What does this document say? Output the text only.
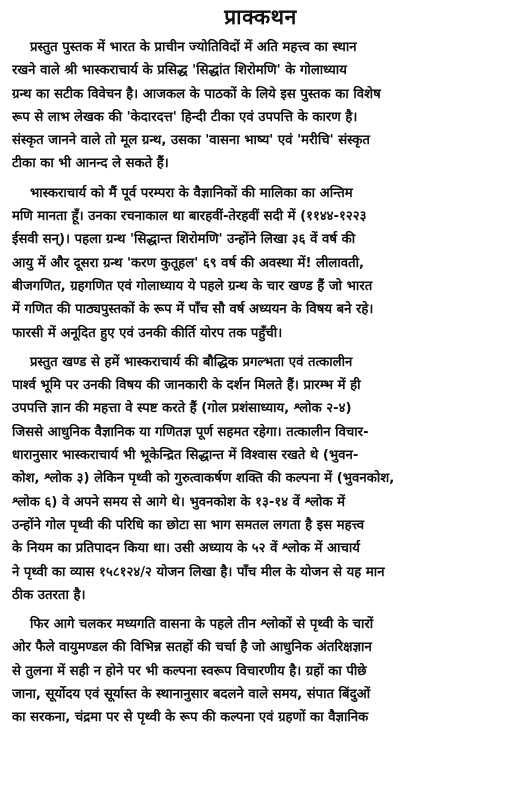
प्राक्कथन
प्रस्तुत पुस्तक में भारत के प्राचीन ज्योतिविदों में अति महत्त्व का स्थान
रखने वाले श्री भास्कराचार्य के प्रसिद्ध 'सिद्धांत शिरोमणि' के गोलाध्याय
ग्रन्थ का सटीक विवेचन है। आजकल के पाठकों के लिये इस पुस्तक का विशेष
रूप से लाभ लेखक की 'केदारदत्त' हिन्दी टीका एवं उपपत्ति के कारण है।
संस्कृत जानने वाले तो मूल ग्रन्थ, उसका 'वासना भाष्य' एवं 'मरीचि' संस्कृत
टीका का भी आनन्द ले सकते हैं।
भास्कराचार्य को मैं पूर्व परम्परा के वैज्ञानिकों की मालिका का अन्तिम
मणि मानता हूँ। उनका रचनाकाल था बारहवीं-तेरहवीं सदी में (११४४-१२२३
ईसवी सन्)। पहला ग्रन्थ 'सिद्धान्त शिरोमणि' उन्होंने लिखा ३६ वें वर्ष की
आयु में और दूसरा ग्रन्थ 'करण कुतूहल' ६९ वर्ष की अवस्था में! लीलावती,
बीजगणित, ग्रहगणित एवं गोलाध्याय ये पहले ग्रन्थ के चार खण्ड हैं जो भारत
में गणित की पाठ्यपुस्तकों के रूप में पाँच सौ वर्ष अध्ययन के विषय बने रहे।
फारसी में अनूदित हुए एवं उनकी कीर्ति योरप तक पहुँची।
प्रस्तुत खण्ड से हमें भास्कराचार्य की बौद्धिक प्रगल्भता एवं तत्कालीन
पार्श्व भूमि पर उनकी विषय की जानकारी के दर्शन मिलते हैं। प्रारम्भ में ही
उपपत्ति ज्ञान की महत्ता वे स्पष्ट करते हैं (गोल प्रशंसाध्याय, श्लोक २-४)
जिससे आधुनिक वैज्ञानिक या गणितज्ञ पूर्ण सहमत रहेगा। तत्कालीन विचार-
धारानुसार भास्कराचार्य भी भूकेन्द्रित सिद्धान्त में विश्वास रखते थे (भुवन-
कोश, श्लोक ३) लेकिन पृथ्वी को गुरुत्वाकर्षण शक्ति की कल्पना में (भुवनकोश,
श्लोक ६) वे अपने समय से आगे थे। भुवनकोश के १३-१४ वें श्लोक में
उन्होंने गोल पृथ्वी की परिधि का छोटा सा भाग समतल लगता है इस महत्त्व
के नियम का प्रतिपादन किया था। उसी अध्याय के ५२ वें श्लोक में आचार्य
ने पृथ्वी का व्यास १५८१२४/२ योजन लिखा है। पाँच मील के योजन से यह मान
ठीक उतरता है।
फिर आगे चलकर मध्यगति वासना के पहले तीन श्लोकों से पृथ्वी के चारों
ओर फैले वायुमण्डल की विभिन्न सतहों की चर्चा है जो आधुनिक अंतरिक्षज्ञान
से तुलना में सही न होने पर भी कल्पना स्वरूप विचारणीय है। ग्रहों का पीछे
जाना, सूर्योदय एवं सूर्यास्त के स्थानानुसार बदलने वाले समय, संपात बिंदुओं
का सरकना, चंद्रमा पर से पृथ्वी के रूप की कल्पना एवं ग्रहणों का वैज्ञानिक
